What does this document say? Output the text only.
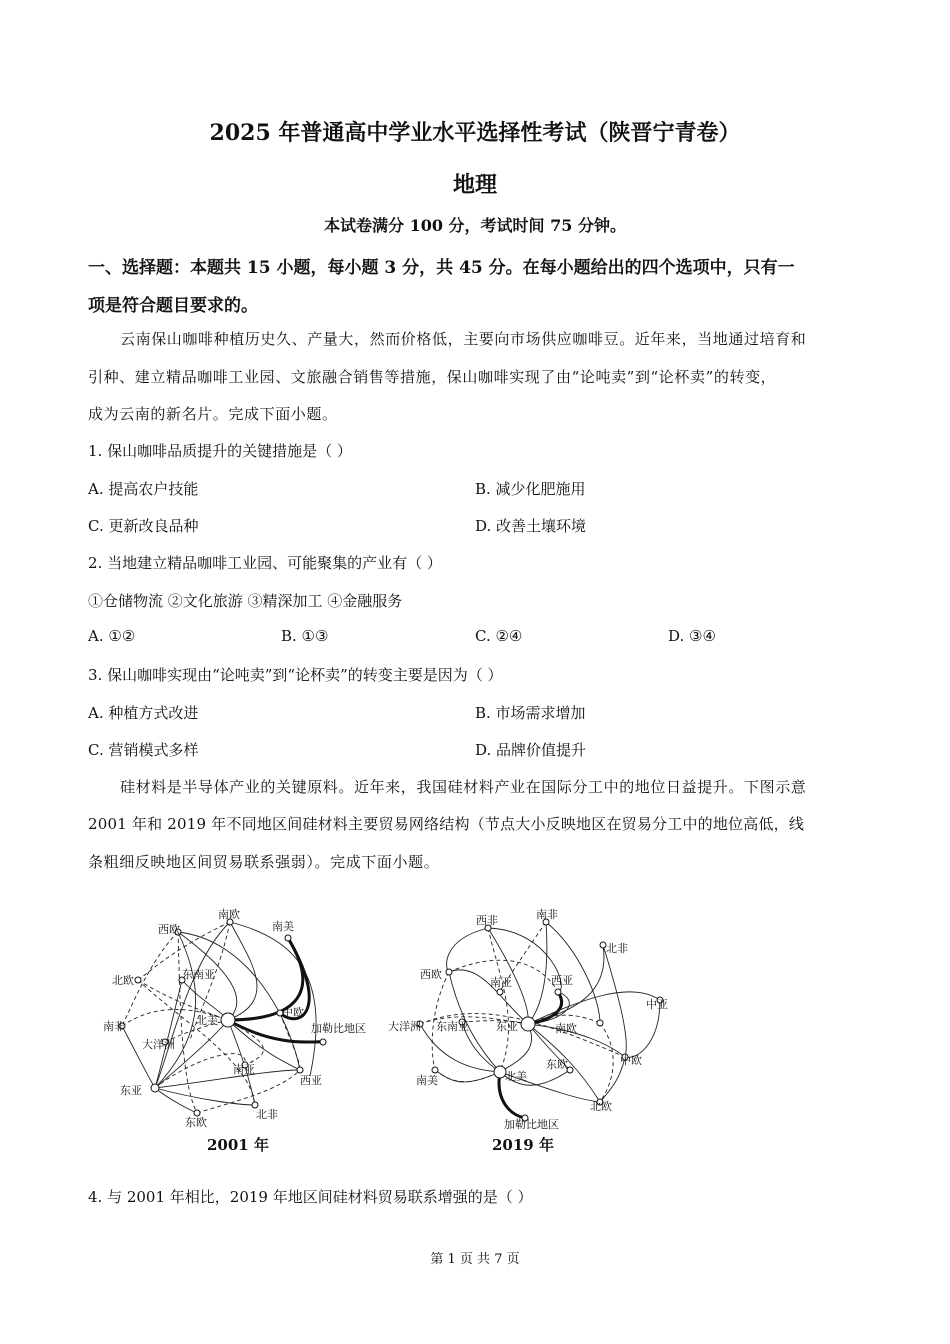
2025 年普通高中学业水平选择性考试（陕晋宁青卷）
地理
本试卷满分 100 分，考试时间 75 分钟。
一、选择题：本题共 15 小题，每小题 3 分，共 45 分。在每小题给出的四个选项中，只有一
项是符合题目要求的。
云南保山咖啡种植历史久、产量大，然而价格低，主要向市场供应咖啡豆。近年来，当地通过培育和
引种、建立精品咖啡工业园、文旅融合销售等措施，保山咖啡实现了由“论吨卖”到“论杯卖”的转变，
成为云南的新名片。完成下面小题。
1. 保山咖啡品质提升的关键措施是（ ）
A. 提高农户技能	B. 减少化肥施用
C. 更新改良品种	D. 改善土壤环境
2. 当地建立精品咖啡工业园、可能聚集的产业有（ ）
①仓储物流 ②文化旅游 ③精深加工 ④金融服务
A. ①②	B. ①③	C. ②④	D. ③④
3. 保山咖啡实现由“论吨卖”到“论杯卖”的转变主要是因为（ ）
A. 种植方式改进	B. 市场需求增加
C. 营销模式多样	D. 品牌价值提升
硅材料是半导体产业的关键原料。近年来，我国硅材料产业在国际分工中的地位日益提升。下图示意
2001 年和 2019 年不同地区间硅材料主要贸易网络结构（节点大小反映地区在贸易分工中的地位高低，线
条粗细反映地区间贸易联系强弱）。完成下面小题。
南欧
西欧	南美
北欧	东南亚
中欧
北美
加勒比地区
南非
大洋洲
南亚
东亚
西亚
北非
东欧
2001 年
西非	南非
北非
南亚	西亚
西欧
中亚
大洋洲 东南亚 东亚	南欧
中欧
南美
东欧
北美
北欧
加勒比地区
2019 年
4. 与 2001 年相比，2019 年地区间硅材料贸易联系增强的是（ ）
第 1 页 共 7 页
